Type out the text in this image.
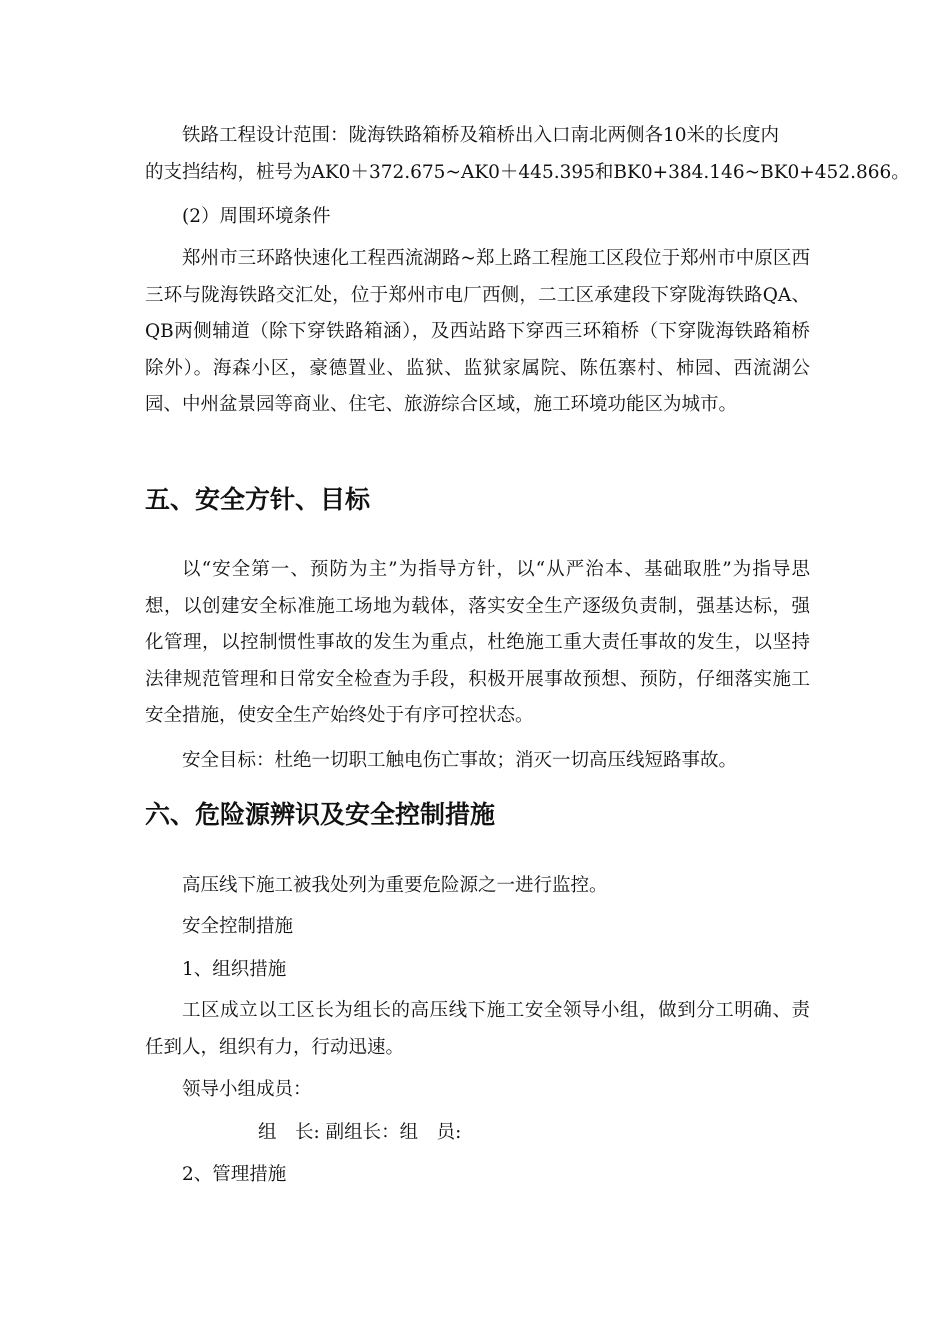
铁路工程设计范围：陇海铁路箱桥及箱桥出入口南北两侧各10米的长度内

的支挡结构，桩号为AK0＋372.675~AK0＋445.395和BK0+384.146~BK0+452.866。

(2）周围环境条件

郑州市三环路快速化工程西流湖路~郑上路工程施工区段位于郑州市中原区西三环与陇海铁路交汇处，位于郑州市电厂西侧，二工区承建段下穿陇海铁路QA、QB两侧辅道（除下穿铁路箱涵），及西站路下穿西三环箱桥（下穿陇海铁路箱桥除外）。海森小区，豪德置业、监狱、监狱家属院、陈伍寨村、柿园、西流湖公园、中州盆景园等商业、住宅、旅游综合区域，施工环境功能区为城市。

五、安全方针、目标

以“安全第一、预防为主”为指导方针，以“从严治本、基础取胜”为指导思想，以创建安全标准施工场地为载体，落实安全生产逐级负责制，强基达标，强化管理，以控制惯性事故的发生为重点，杜绝施工重大责任事故的发生，以坚持法律规范管理和日常安全检查为手段，积极开展事故预想、预防，仔细落实施工安全措施，使安全生产始终处于有序可控状态。

安全目标：杜绝一切职工触电伤亡事故；消灭一切高压线短路事故。

六、危险源辨识及安全控制措施

高压线下施工被我处列为重要危险源之一进行监控。

安全控制措施

1、组织措施

工区成立以工区长为组长的高压线下施工安全领导小组，做到分工明确、责任到人，组织有力，行动迅速。

领导小组成员：

组　长: 副组长：组　员:

2、管理措施
